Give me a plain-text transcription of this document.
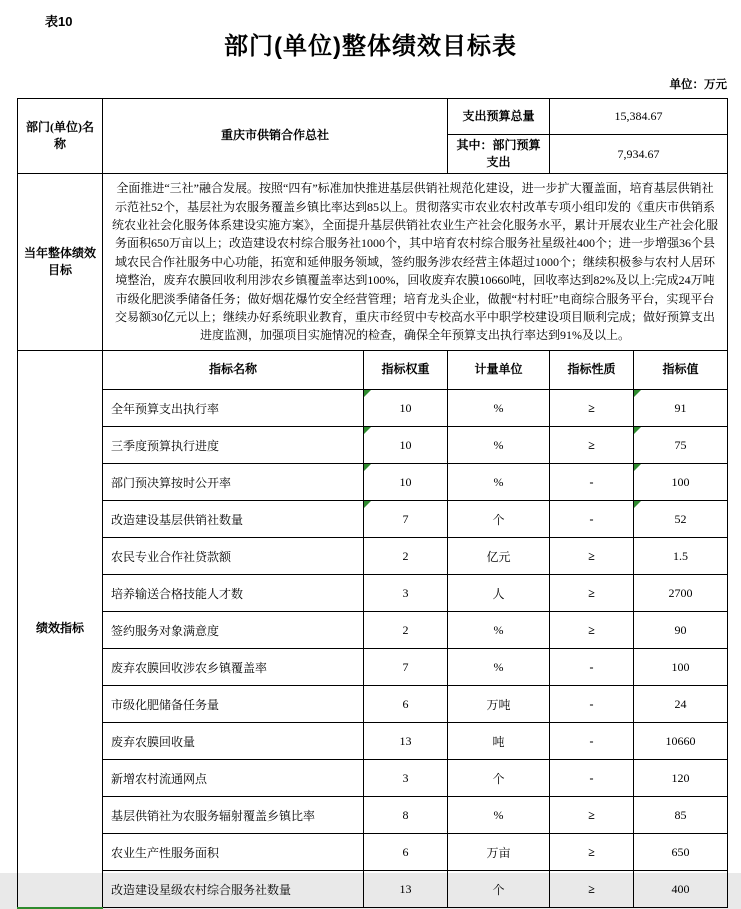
表10
部门(单位)整体绩效目标表
单位：万元
部门(单位)名称	重庆市供销合作总社		支出预算总量	15,384.67	
			其中：部门预算支出	7,934.67	
当年整体绩效目标	全面推进“三社”融合发展。按照“四有”标准加快推进基层供销社规范化建设，进一步扩大覆盖面，培育基层供销社示范社52个，基层社为农服务覆盖乡镇比率达到85以上。贯彻落实市农业农村改革专项小组印发的《重庆市供销系统农业社会化服务体系建设实施方案》，全面提升基层供销社农业生产社会化服务水平，累计开展农业生产社会化服务面积650万亩以上；改造建设农村综合服务社1000个，其中培育农村综合服务社星级社400个；进一步增强36个县域农民合作社服务中心功能，拓宽和延伸服务领域，签约服务涉农经营主体超过1000个；继续积极参与农村人居环境整治，废弃农膜回收利用涉农乡镇覆盖率达到100%，回收废弃农膜10660吨，回收率达到82%及以上:完成24万吨市级化肥淡季储备任务；做好烟花爆竹安全经营管理；培育龙头企业，做靓“村村旺”电商综合服务平台，实现平台交易额30亿元以上；继续办好系统职业教育，重庆市经贸中专校高水平中职学校建设项目顺利完成；做好预算支出进度监测，加强项目实施情况的检查，确保全年预算支出执行率达到91%及以上。				
绩效指标	指标名称	指标权重	计量单位	指标性质	指标值
	全年预算支出执行率	10	%	≥	91
	三季度预算执行进度	10	%	≥	75
	部门预决算按时公开率	10	%	-	100
	改造建设基层供销社数量	7	个	-	52
	农民专业合作社贷款额	2	亿元	≥	1.5
	培养输送合格技能人才数	3	人	≥	2700
	签约服务对象满意度	2	%	≥	90
	废弃农膜回收涉农乡镇覆盖率	7	%	-	100
	市级化肥储备任务量	6	万吨	-	24
	废弃农膜回收量	13	吨	-	10660
	新增农村流通网点	3	个	-	120
	基层供销社为农服务辐射覆盖乡镇比率	8	%	≥	85
	农业生产性服务面积	6	万亩	≥	650
	改造建设星级农村综合服务社数量	13	个	≥	400
